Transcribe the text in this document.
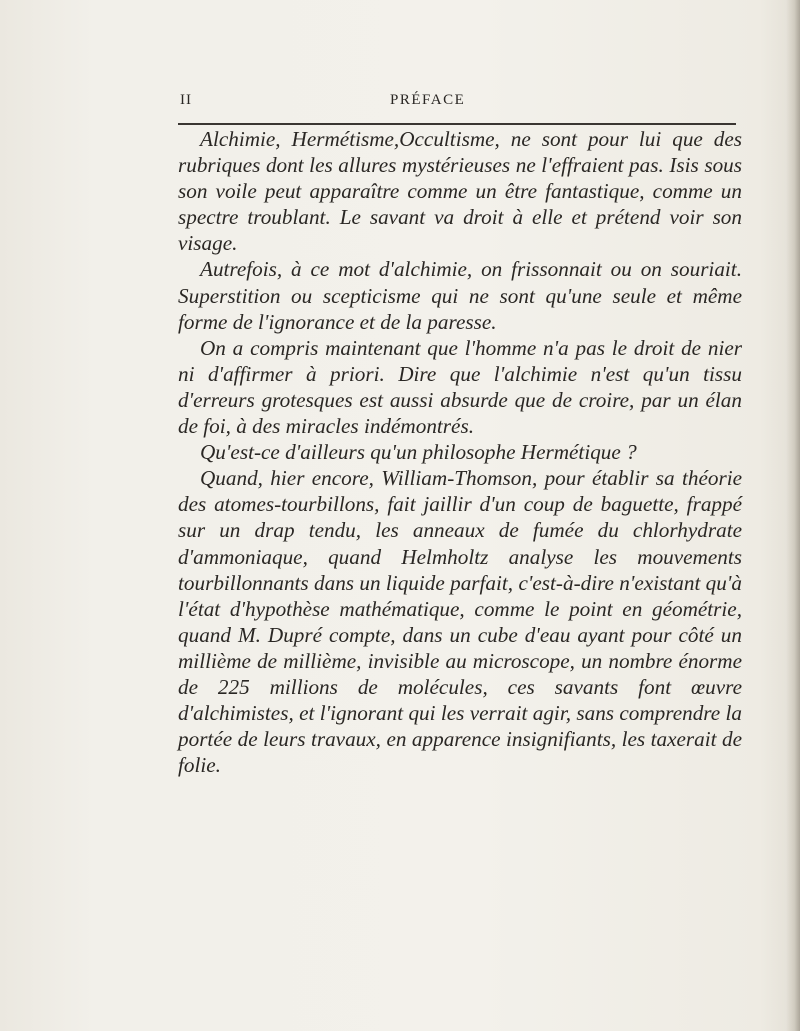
II	PRÉFACE

Alchimie, Hermétisme,Occultisme, ne sont pour lui que des rubriques dont les allures mystérieuses ne l'effraient pas. Isis sous son voile peut apparaître comme un être fantastique, comme un spectre troublant. Le savant va droit à elle et prétend voir son visage.

Autrefois, à ce mot d'alchimie, on frissonnait ou on souriait. Superstition ou scepticisme qui ne sont qu'une seule et même forme de l'ignorance et de la paresse.

On a compris maintenant que l'homme n'a pas le droit de nier ni d'affirmer à priori. Dire que l'alchimie n'est qu'un tissu d'erreurs grotesques est aussi absurde que de croire, par un élan de foi, à des miracles indémontrés.

Qu'est-ce d'ailleurs qu'un philosophe Hermétique ?

Quand, hier encore, William-Thomson, pour établir sa théorie des atomes-tourbillons, fait jaillir d'un coup de baguette, frappé sur un drap tendu, les anneaux de fumée du chlorhydrate d'ammoniaque, quand Helmholtz analyse les mouvements tourbillonnants dans un liquide parfait, c'est-à-dire n'existant qu'à l'état d'hypothèse mathématique, comme le point en géométrie, quand M. Dupré compte, dans un cube d'eau ayant pour côté un millième de millième, invisible au microscope, un nombre énorme de 225 millions de molécules, ces savants font œuvre d'alchimistes, et l'ignorant qui les verrait agir, sans comprendre la portée de leurs travaux, en apparence insignifiants, les taxerait de folie.
